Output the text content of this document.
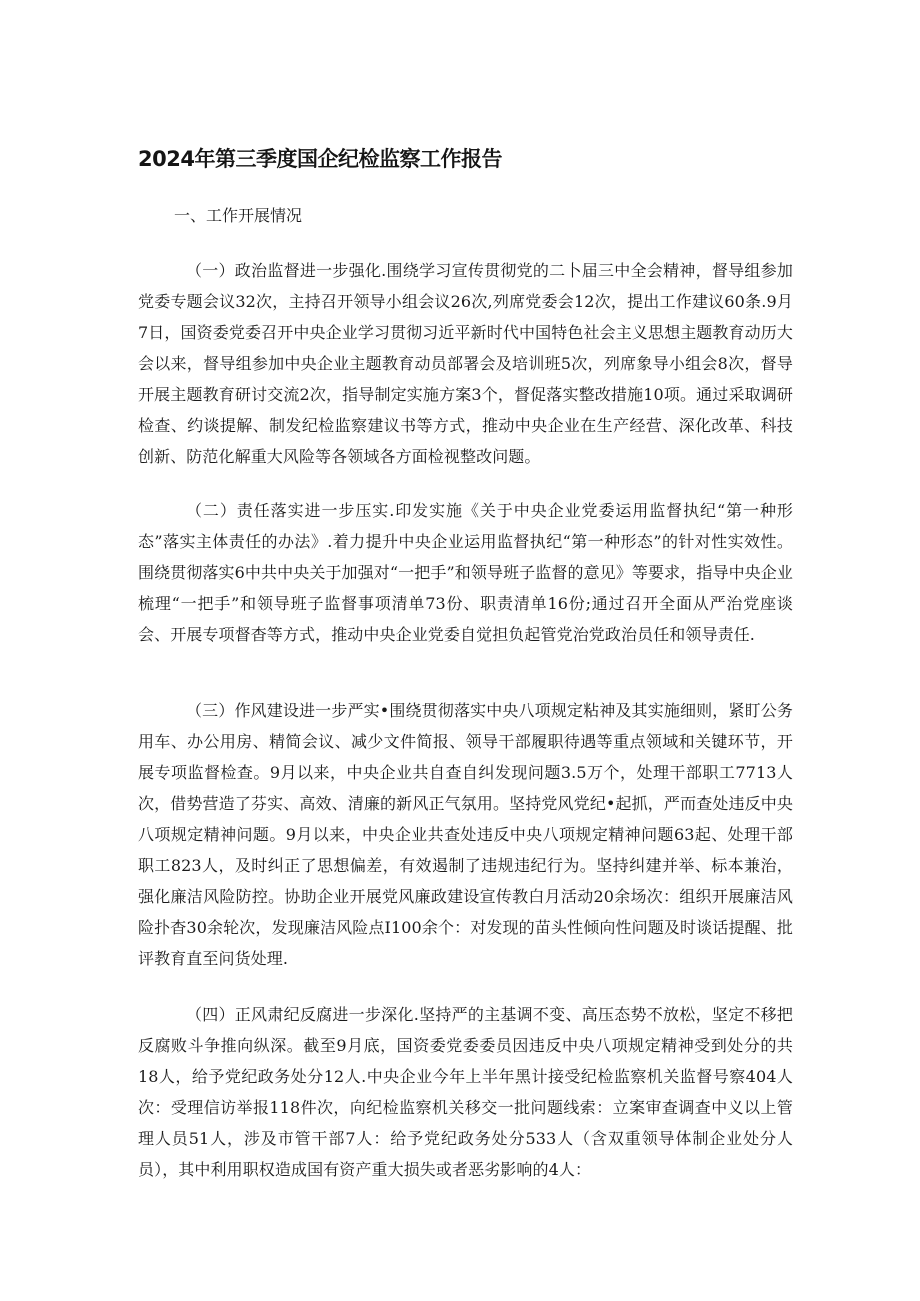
2024年第三季度国企纪检监察工作报告
一、工作开展情况

（一）政治监督进一步强化.围绕学习宣传贯彻党的二卜届三中全会精神，督导组参加党委专题会议32次，主持召开领导小组会议26次,列席党委会12次，提出工作建议60条.9月7日，国资委党委召开中央企业学习贯彻习近平新时代中国特色社会主义思想主题教育动历大会以来，督导组参加中央企业主题教育动员部署会及培训班5次，列席象导小组会8次，督导开展主题教育研讨交流2次，指导制定实施方案3个，督促落实整改措施10项。通过采取调研检查、约谈提解、制发纪检监察建议书等方式，推动中央企业在生产经营、深化改革、科技创新、防范化解重大风险等各领域各方面检视整改问题。

（二）责任落实进一步压实.印发实施《关于中央企业党委运用监督执纪“第一种形态”落实主体责任的办法》.着力提升中央企业运用监督执纪“第一种形态”的针对性实效性。围绕贯彻落实6中共中央关于加强对“一把手”和领导班子监督的意见》等要求，指导中央企业梳理“一把手”和领导班子监督事项清单73份、职责清单16份;通过召开全面从严治党座谈会、开展专项督杳等方式，推动中央企业党委自觉担负起管党治党政治员任和领导责任.

（三）作风建设进一步严实•围绕贯彻落实中央八项规定粘神及其实施细则，紧盯公务用车、办公用房、精简会议、减少文件简报、领导干部履职待遇等重点领域和关键环节，开展专项监督检查。9月以来，中央企业共自查自纠发现问题3.5万个，处理干部职工7713人次，借势营造了芬实、高效、清廉的新风正气氛用。坚持党风党纪•起抓，严而查处违反中央八项规定精神问题。9月以来，中央企业共查处违反中央八项规定精神问题63起、处理干部职工823人，及时纠正了思想偏差，有效遏制了违规违纪行为。坚持纠建并举、标本兼治，强化廉洁风险防控。协助企业开展党风廉政建设宣传教白月活动20余场次：组织开展廉洁风险扑杳30余轮次，发现廉洁风险点I100余个：对发现的苗头性倾向性问题及时谈话提醒、批评教育直至问货处理.

（四）正风肃纪反腐进一步深化.坚持严的主基调不变、高压态势不放松，坚定不移把反腐败斗争推向纵深。截至9月底，国资委党委委员因违反中央八项规定精神受到处分的共18人，给予党纪政务处分12人.中央企业今年上半年黑计接受纪检监察机关监督号察404人次：受理信访举报118件次，向纪检监察机关移交一批问题线索：立案审查调查中义以上管理人员51人，涉及市管干部7人：给予党纪政务处分533人（含双重领导体制企业处分人员），其中利用职权造成国有资产重大损失或者恶劣影响的4人：
